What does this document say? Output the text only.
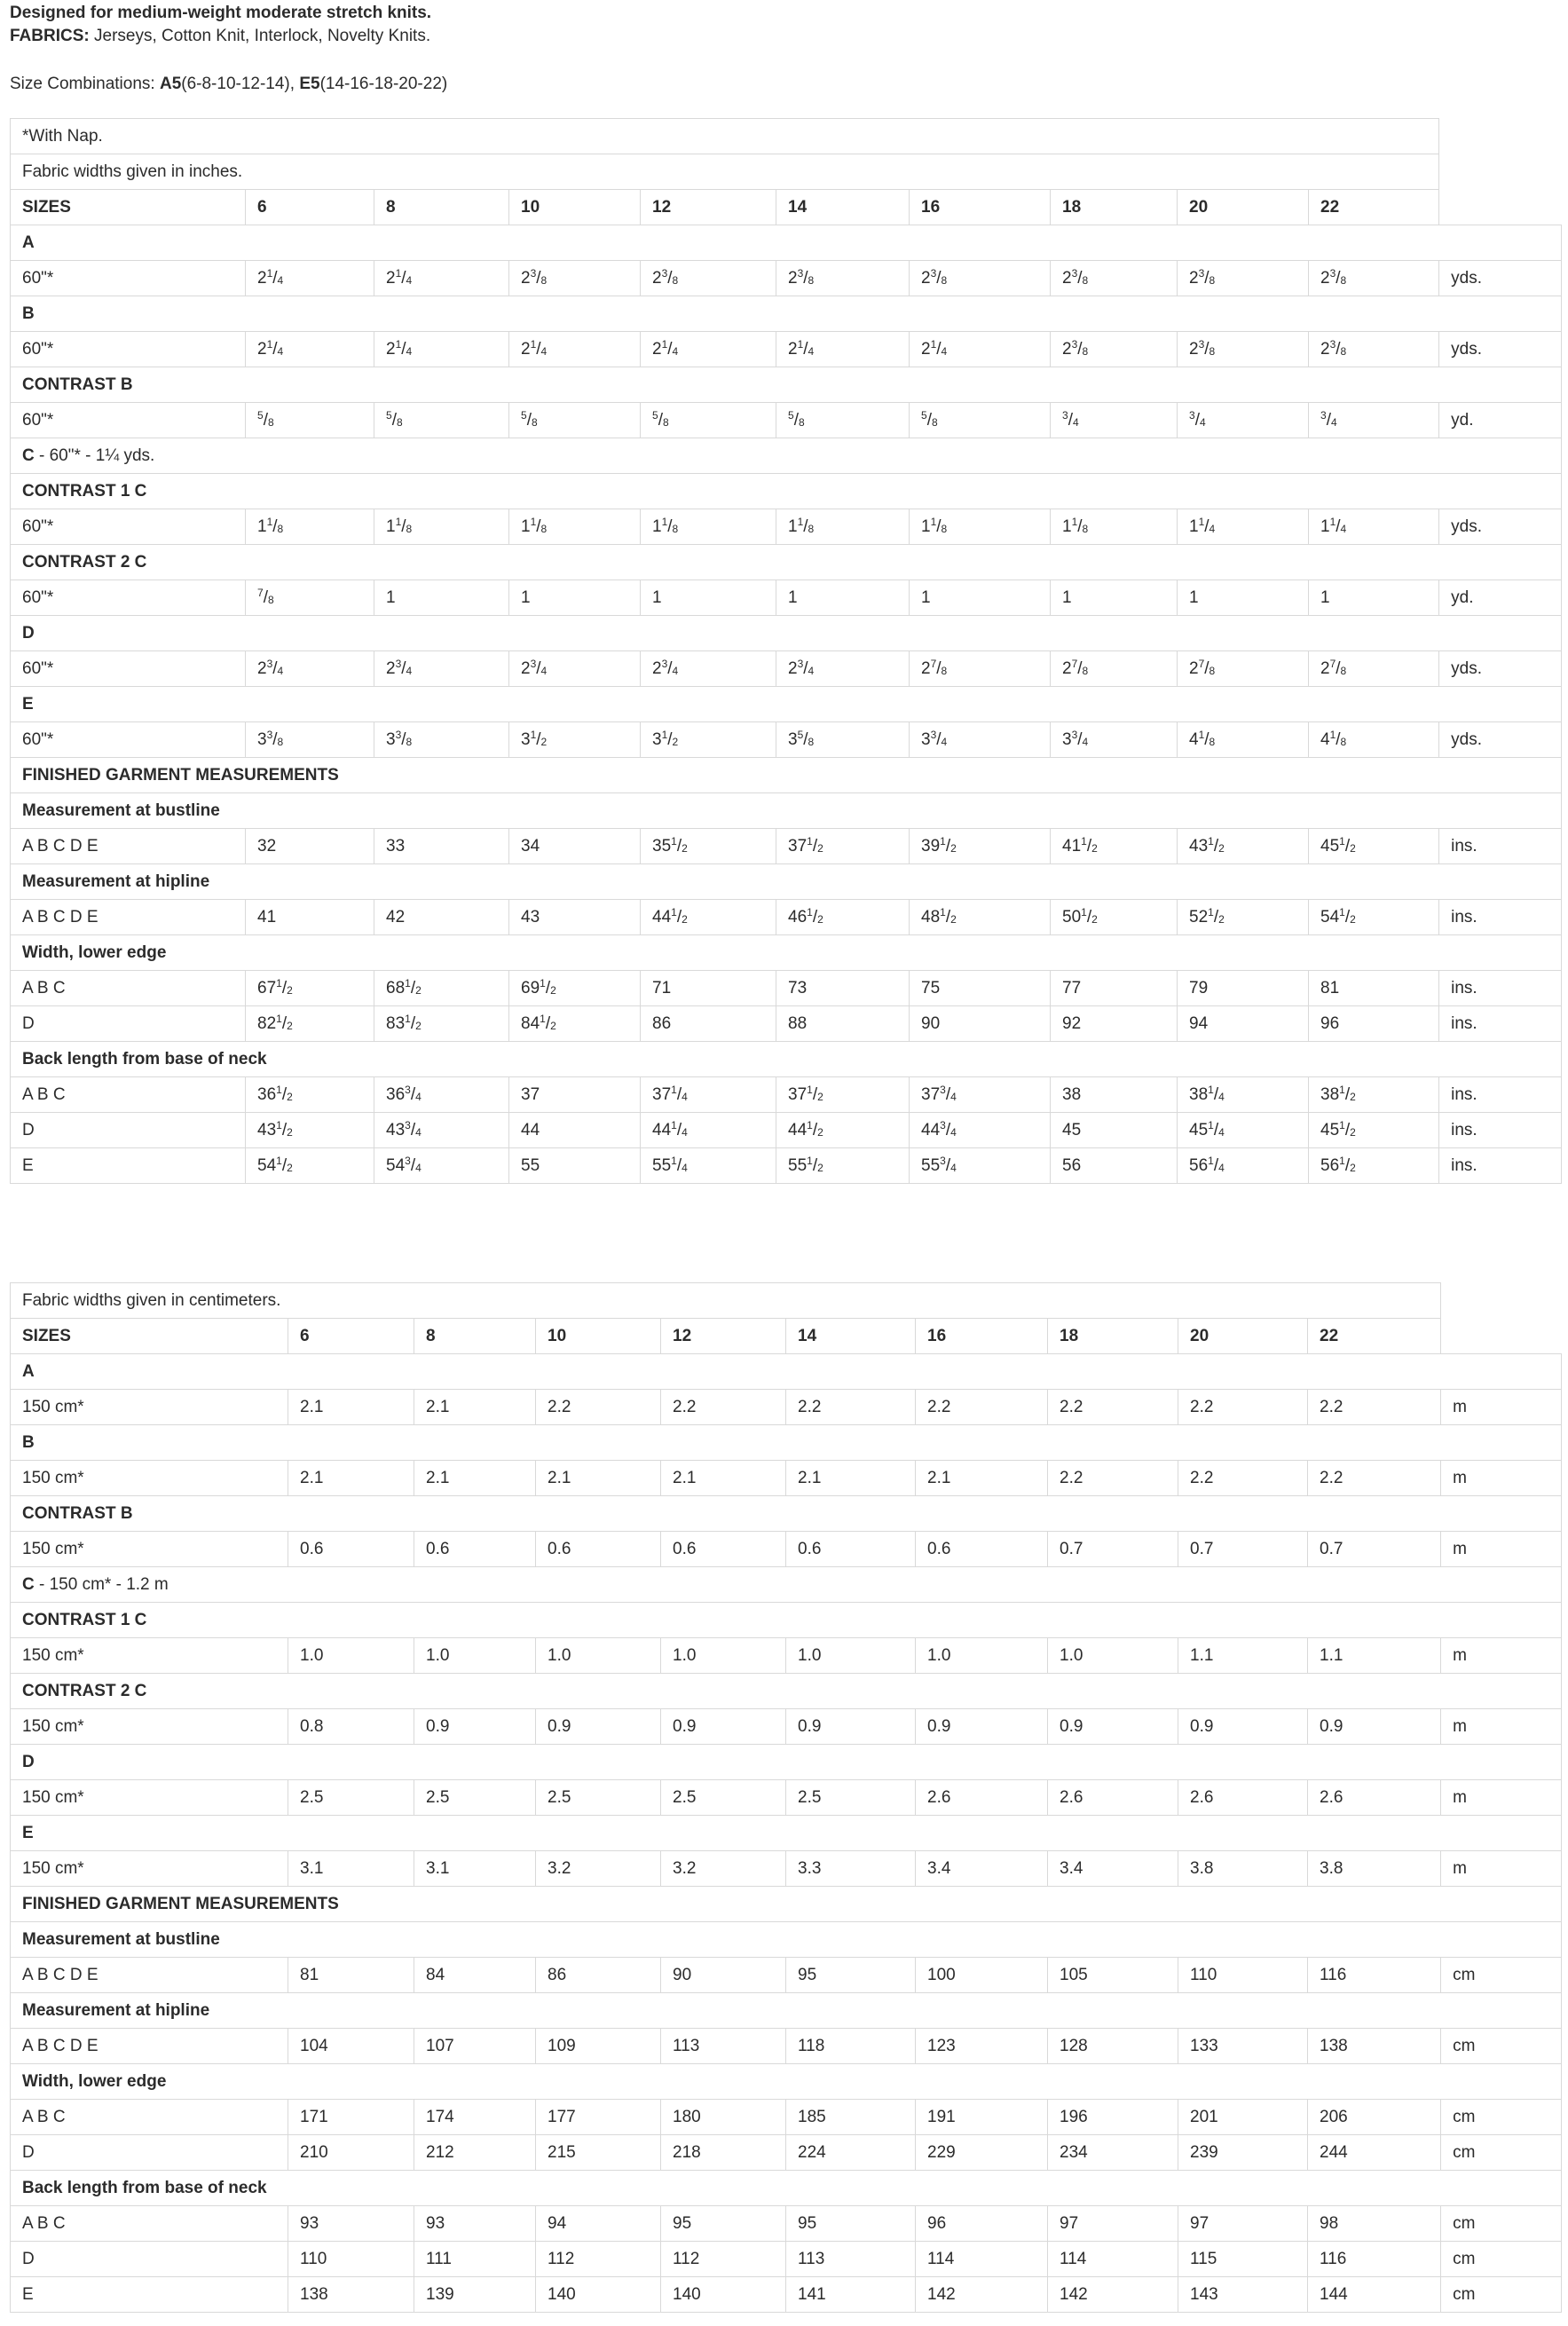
Designed for medium-weight moderate stretch knits.
FABRICS: Jerseys, Cotton Knit, Interlock, Novelty Knits.
Size Combinations: A5(6-8-10-12-14), E5(14-16-18-20-22)
*With Nap.										
Fabric widths given in inches.										
SIZES	6	8	10	12	14	16	18	20	22	
A										
60"*	$2^1/_4$	$2^1/_4$	$2^3/_8$	$2^3/_8$	$2^3/_8$	$2^3/_8$	$2^3/_8$	$2^3/_8$	$2^3/_8$	yds.
B										
60"*	$2^1/_4$	$2^1/_4$	$2^1/_4$	$2^1/_4$	$2^1/_4$	$2^1/_4$	$2^3/_8$	$2^3/_8$	$2^3/_8$	yds.
CONTRAST B										
60"*	$^5/_8$	$^5/_8$	$^5/_8$	$^5/_8$	$^5/_8$	$^5/_8$	$^3/_4$	$^3/_4$	$^3/_4$	yd.
C - 60"* - 1¼ yds.										
CONTRAST 1 C										
60"*	$1^1/_8$	$1^1/_8$	$1^1/_8$	$1^1/_8$	$1^1/_8$	$1^1/_8$	$1^1/_8$	$1^1/_4$	$1^1/_4$	yds.
CONTRAST 2 C										
60"*	$^7/_8$	1	1	1	1	1	1	1	1	yd.
D										
60"*	$2^3/_4$	$2^3/_4$	$2^3/_4$	$2^3/_4$	$2^3/_4$	$2^7/_8$	$2^7/_8$	$2^7/_8$	$2^7/_8$	yds.
E										
60"*	$3^3/_8$	$3^3/_8$	$3^1/_2$	$3^1/_2$	$3^5/_8$	$3^3/_4$	$3^3/_4$	$4^1/_8$	$4^1/_8$	yds.
FINISHED GARMENT MEASUREMENTS										
Measurement at bustline										
A B C D E	32	33	34	$35^1/_2$	$37^1/_2$	$39^1/_2$	$41^1/_2$	$43^1/_2$	$45^1/_2$	ins.
Measurement at hipline										
A B C D E	41	42	43	$44^1/_2$	$46^1/_2$	$48^1/_2$	$50^1/_2$	$52^1/_2$	$54^1/_2$	ins.
Width, lower edge										
A B C	$67^1/_2$	$68^1/_2$	$69^1/_2$	71	73	75	77	79	81	ins.
D	$82^1/_2$	$83^1/_2$	$84^1/_2$	86	88	90	92	94	96	ins.
Back length from base of neck										
A B C	$36^1/_2$	$36^3/_4$	37	$37^1/_4$	$37^1/_2$	$37^3/_4$	38	$38^1/_4$	$38^1/_2$	ins.
D	$43^1/_2$	$43^3/_4$	44	$44^1/_4$	$44^1/_2$	$44^3/_4$	45	$45^1/_4$	$45^1/_2$	ins.
E	$54^1/_2$	$54^3/_4$	55	$55^1/_4$	$55^1/_2$	$55^3/_4$	56	$56^1/_4$	$56^1/_2$	ins.
Fabric widths given in centimeters.										
SIZES	6	8	10	12	14	16	18	20	22	
A										
150 cm*	2.1	2.1	2.2	2.2	2.2	2.2	2.2	2.2	2.2	m
B										
150 cm*	2.1	2.1	2.1	2.1	2.1	2.1	2.2	2.2	2.2	m
CONTRAST B										
150 cm*	0.6	0.6	0.6	0.6	0.6	0.6	0.7	0.7	0.7	m
C - 150 cm* - 1.2 m										
CONTRAST 1 C										
150 cm*	1.0	1.0	1.0	1.0	1.0	1.0	1.0	1.1	1.1	m
CONTRAST 2 C										
150 cm*	0.8	0.9	0.9	0.9	0.9	0.9	0.9	0.9	0.9	m
D										
150 cm*	2.5	2.5	2.5	2.5	2.5	2.6	2.6	2.6	2.6	m
E										
150 cm*	3.1	3.1	3.2	3.2	3.3	3.4	3.4	3.8	3.8	m
FINISHED GARMENT MEASUREMENTS										
Measurement at bustline										
A B C D E	81	84	86	90	95	100	105	110	116	cm
Measurement at hipline										
A B C D E	104	107	109	113	118	123	128	133	138	cm
Width, lower edge										
A B C	171	174	177	180	185	191	196	201	206	cm
D	210	212	215	218	224	229	234	239	244	cm
Back length from base of neck										
A B C	93	93	94	95	95	96	97	97	98	cm
D	110	111	112	112	113	114	114	115	116	cm
E	138	139	140	140	141	142	142	143	144	cm
